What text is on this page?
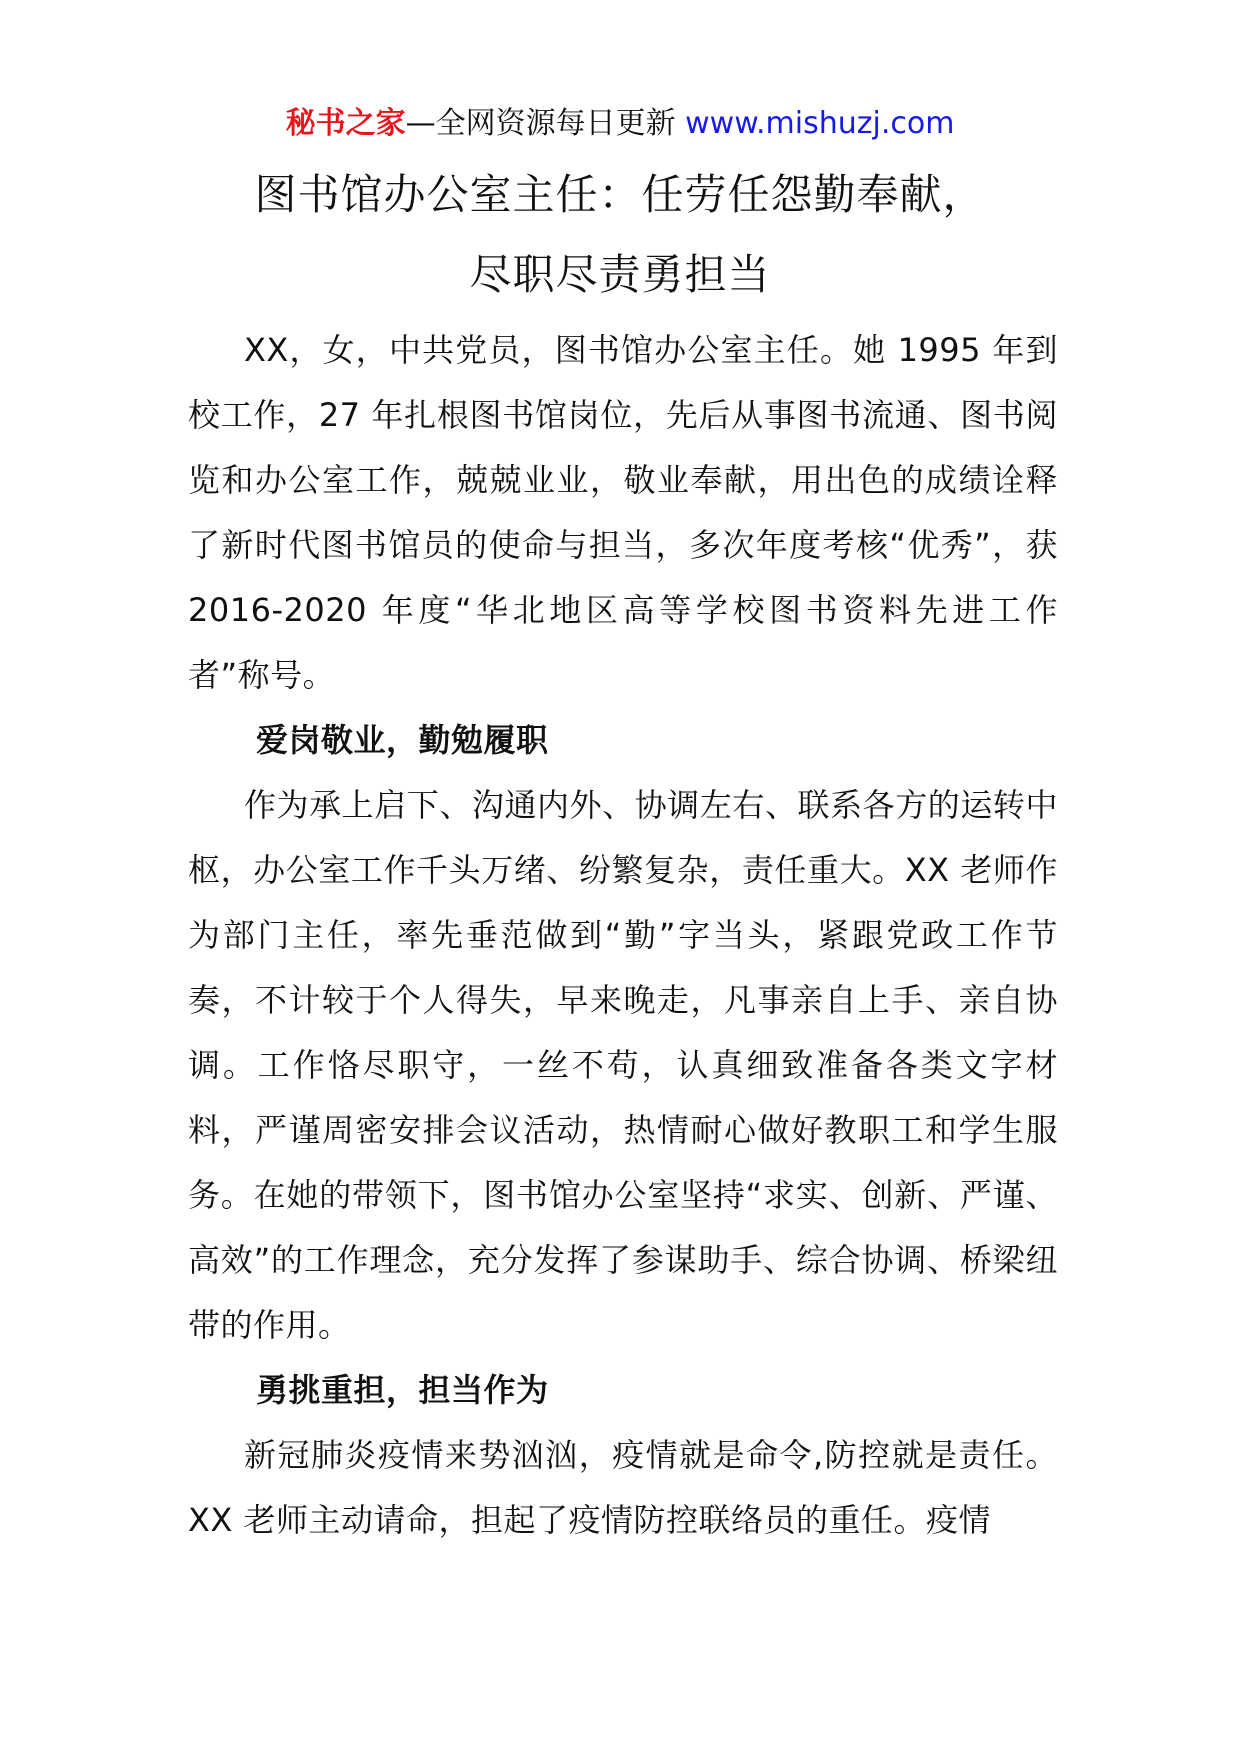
秘书之家—全网资源每日更新 www.mishuzj.com
图书馆办公室主任：任劳任怨勤奉献，
尽职尽责勇担当

XX，女，中共党员，图书馆办公室主任。她 1995 年到校工作，27 年扎根图书馆岗位，先后从事图书流通、图书阅览和办公室工作，兢兢业业，敬业奉献，用出色的成绩诠释了新时代图书馆员的使命与担当，多次年度考核“优秀”，获 2016-2020 年度“华北地区高等学校图书资料先进工作者”称号。

爱岗敬业，勤勉履职

作为承上启下、沟通内外、协调左右、联系各方的运转中枢，办公室工作千头万绪、纷繁复杂，责任重大。XX 老师作为部门主任，率先垂范做到“勤”字当头，紧跟党政工作节奏，不计较于个人得失，早来晚走，凡事亲自上手、亲自协调。工作恪尽职守，一丝不苟，认真细致准备各类文字材料，严谨周密安排会议活动，热情耐心做好教职工和学生服务。在她的带领下，图书馆办公室坚持“求实、创新、严谨、高效”的工作理念，充分发挥了参谋助手、综合协调、桥梁纽带的作用。

勇挑重担，担当作为

新冠肺炎疫情来势汹汹，疫情就是命令,防控就是责任。XX 老师主动请命，担起了疫情防控联络员的重任。疫情
